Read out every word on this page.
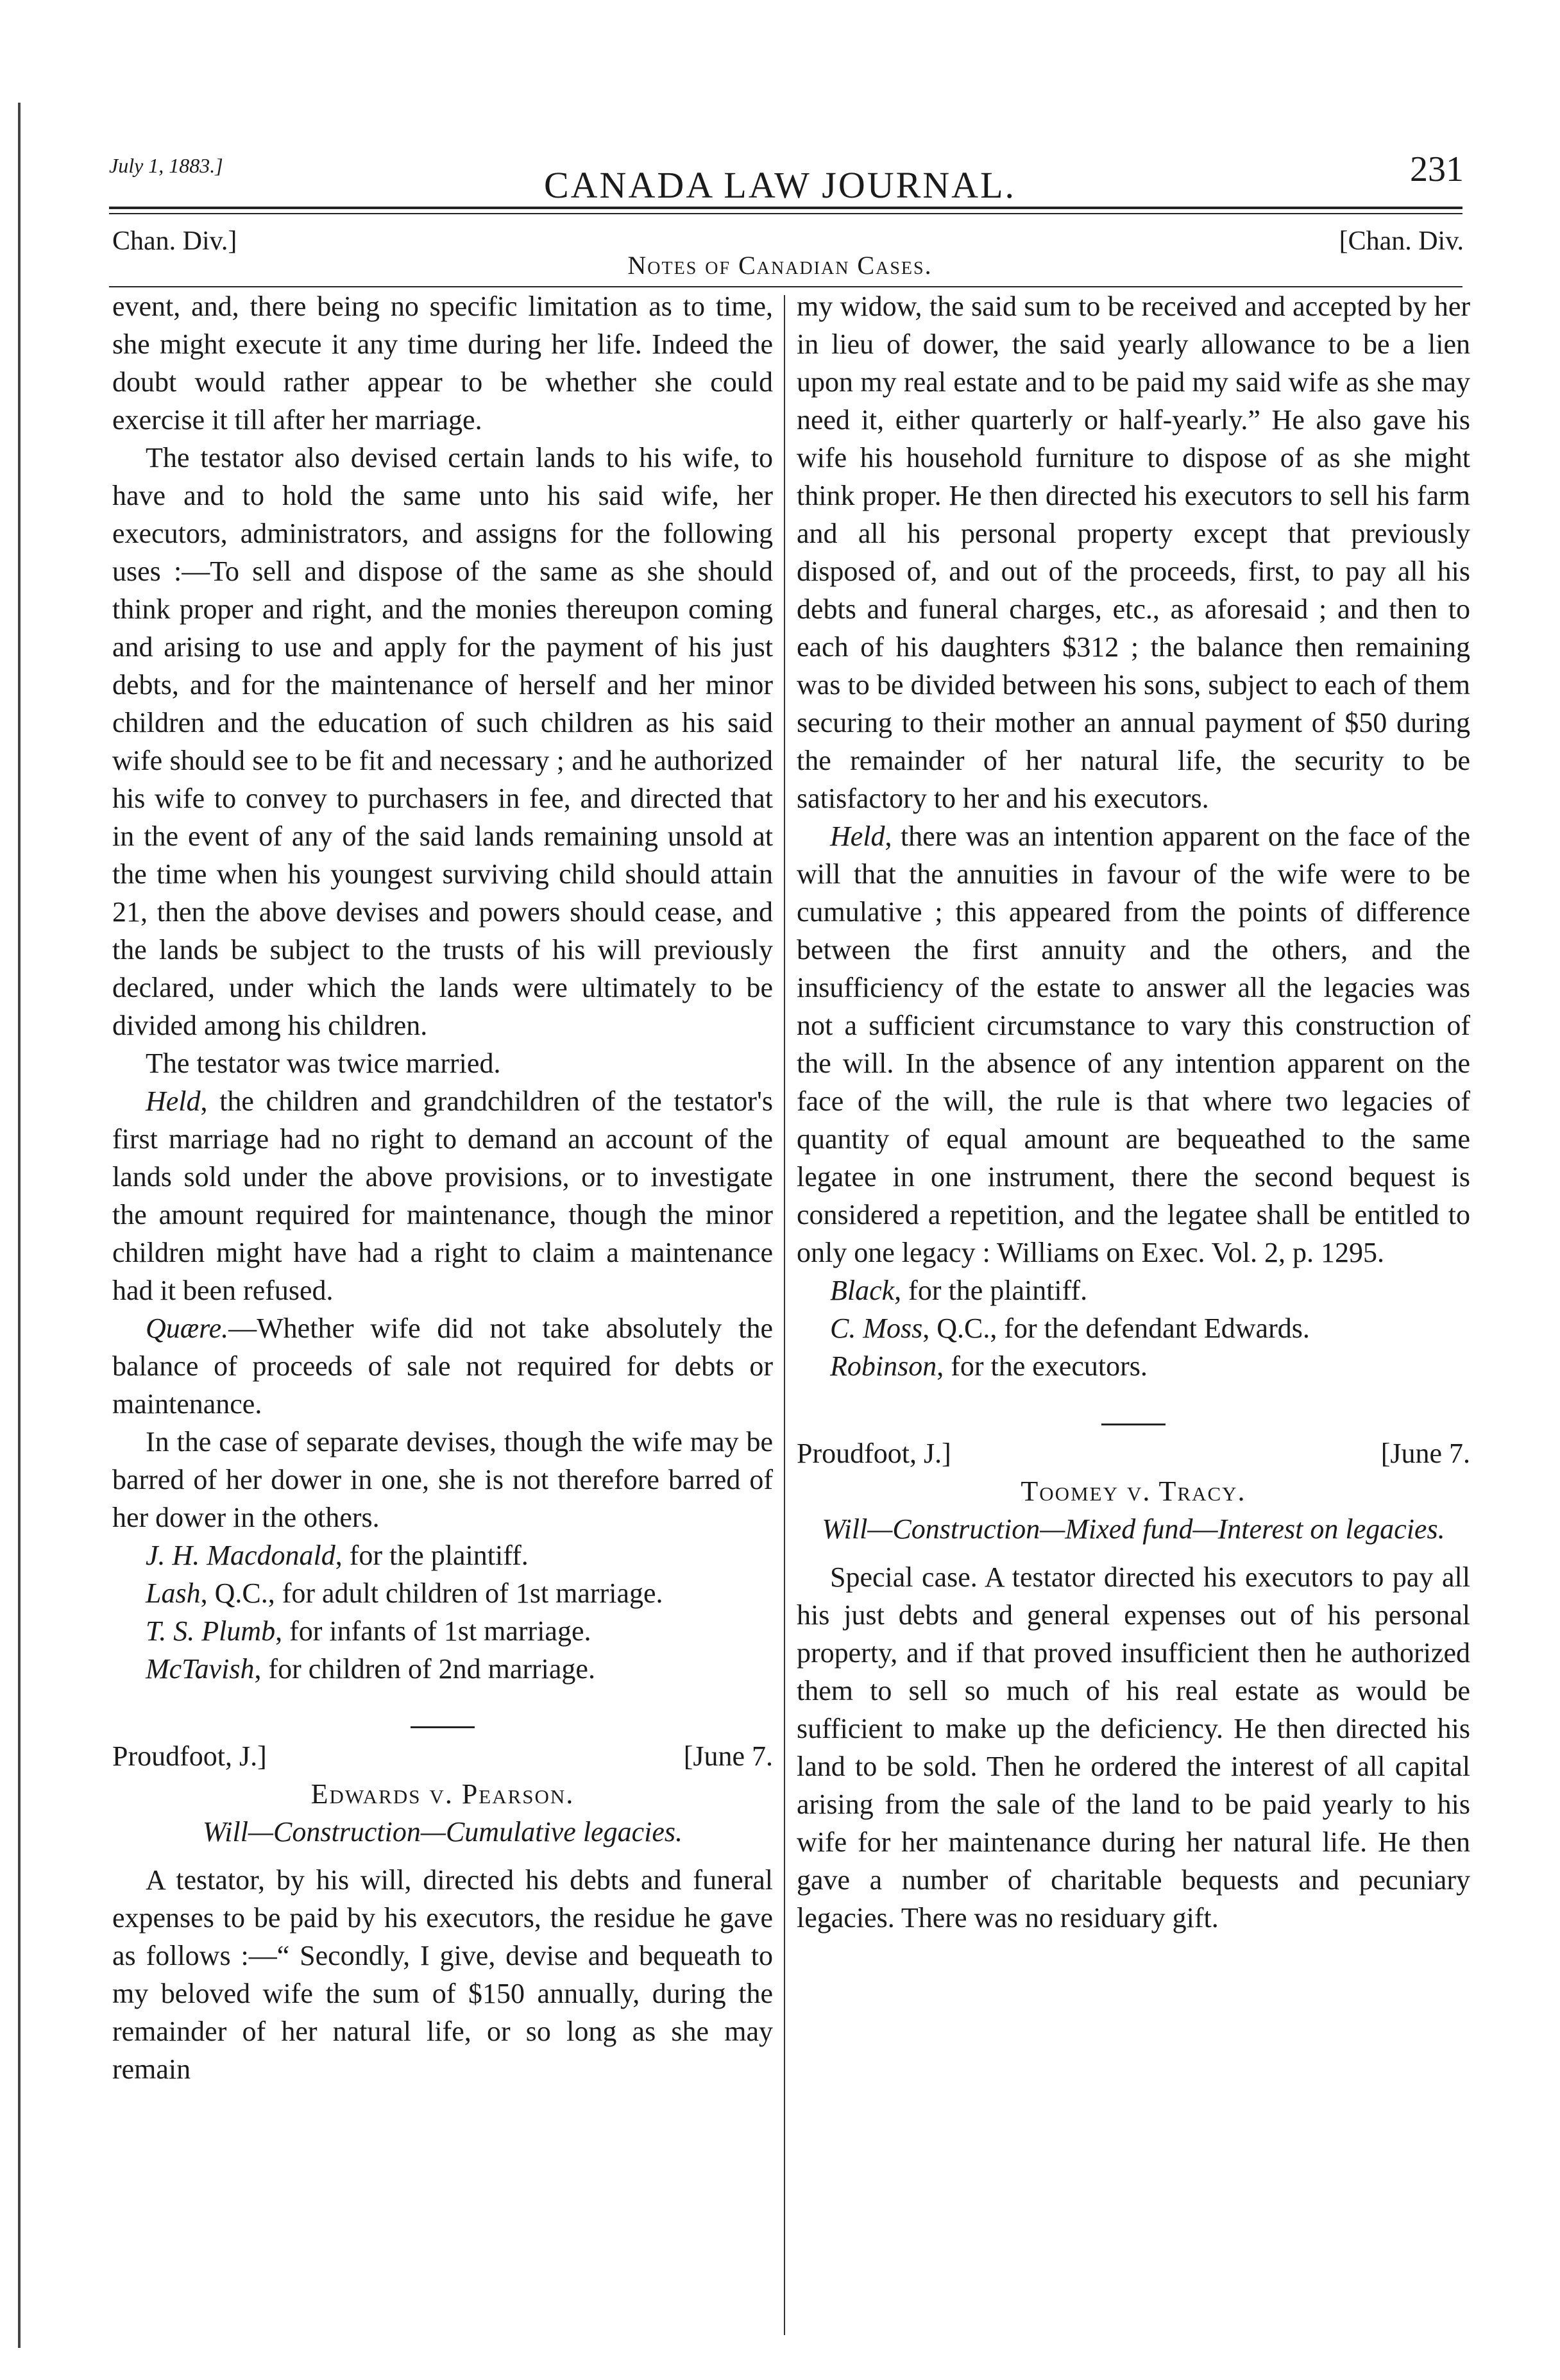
July 1, 1883.]	CANADA LAW JOURNAL.	231
Chan. Div.]
Notes of Canadian Cases.
[Chan. Div.

event, and, there being no specific limitation as to time, she might execute it any time during her life. Indeed the doubt would rather appear to be whether she could exercise it till after her marriage.

The testator also devised certain lands to his wife, to have and to hold the same unto his said wife, her executors, administrators, and assigns for the following uses :—To sell and dispose of the same as she should think proper and right, and the monies thereupon coming and arising to use and apply for the payment of his just debts, and for the maintenance of herself and her minor children and the education of such children as his said wife should see to be fit and necessary ; and he authorized his wife to convey to purchasers in fee, and directed that in the event of any of the said lands remaining unsold at the time when his youngest surviving child should attain 21, then the above devises and powers should cease, and the lands be subject to the trusts of his will previously declared, under which the lands were ultimately to be divided among his children.

The testator was twice married.

Held, the children and grandchildren of the testator's first marriage had no right to demand an account of the lands sold under the above provisions, or to investigate the amount required for maintenance, though the minor children might have had a right to claim a maintenance had it been refused.

Quære.—Whether wife did not take absolutely the balance of proceeds of sale not required for debts or maintenance.

In the case of separate devises, though the wife may be barred of her dower in one, she is not therefore barred of her dower in the others.

J. H. Macdonald, for the plaintiff.

Lash, Q.C., for adult children of 1st marriage.

T. S. Plumb, for infants of 1st marriage.

McTavish, for children of 2nd marriage.

Proudfoot, J.]	[June 7.
Edwards v. Pearson.
Will—Construction—Cumulative legacies.

A testator, by his will, directed his debts and funeral expenses to be paid by his executors, the residue he gave as follows :—“ Secondly, I give, devise and bequeath to my beloved wife the sum of $150 annually, during the remainder of her natural life, or so long as she may remain

my widow, the said sum to be received and accepted by her in lieu of dower, the said yearly allowance to be a lien upon my real estate and to be paid my said wife as she may need it, either quarterly or half-yearly.” He also gave his wife his household furniture to dispose of as she might think proper. He then directed his executors to sell his farm and all his personal property except that previously disposed of, and out of the proceeds, first, to pay all his debts and funeral charges, etc., as aforesaid ; and then to each of his daughters $312 ; the balance then remaining was to be divided between his sons, subject to each of them securing to their mother an annual payment of $50 during the remainder of her natural life, the security to be satisfactory to her and his executors.

Held, there was an intention apparent on the face of the will that the annuities in favour of the wife were to be cumulative ; this appeared from the points of difference between the first annuity and the others, and the insufficiency of the estate to answer all the legacies was not a sufficient circumstance to vary this construction of the will. In the absence of any intention apparent on the face of the will, the rule is that where two legacies of quantity of equal amount are bequeathed to the same legatee in one instrument, there the second bequest is considered a repetition, and the legatee shall be entitled to only one legacy : Williams on Exec. Vol. 2, p. 1295.

Black, for the plaintiff.

C. Moss, Q.C., for the defendant Edwards.

Robinson, for the executors.

Proudfoot, J.]	[June 7.
Toomey v. Tracy.
Will—Construction—Mixed fund—Interest on legacies.

Special case. A testator directed his executors to pay all his just debts and general expenses out of his personal property, and if that proved insufficient then he authorized them to sell so much of his real estate as would be sufficient to make up the deficiency. He then directed his land to be sold. Then he ordered the interest of all capital arising from the sale of the land to be paid yearly to his wife for her maintenance during her natural life. He then gave a number of charitable bequests and pecuniary legacies. There was no residuary gift.
